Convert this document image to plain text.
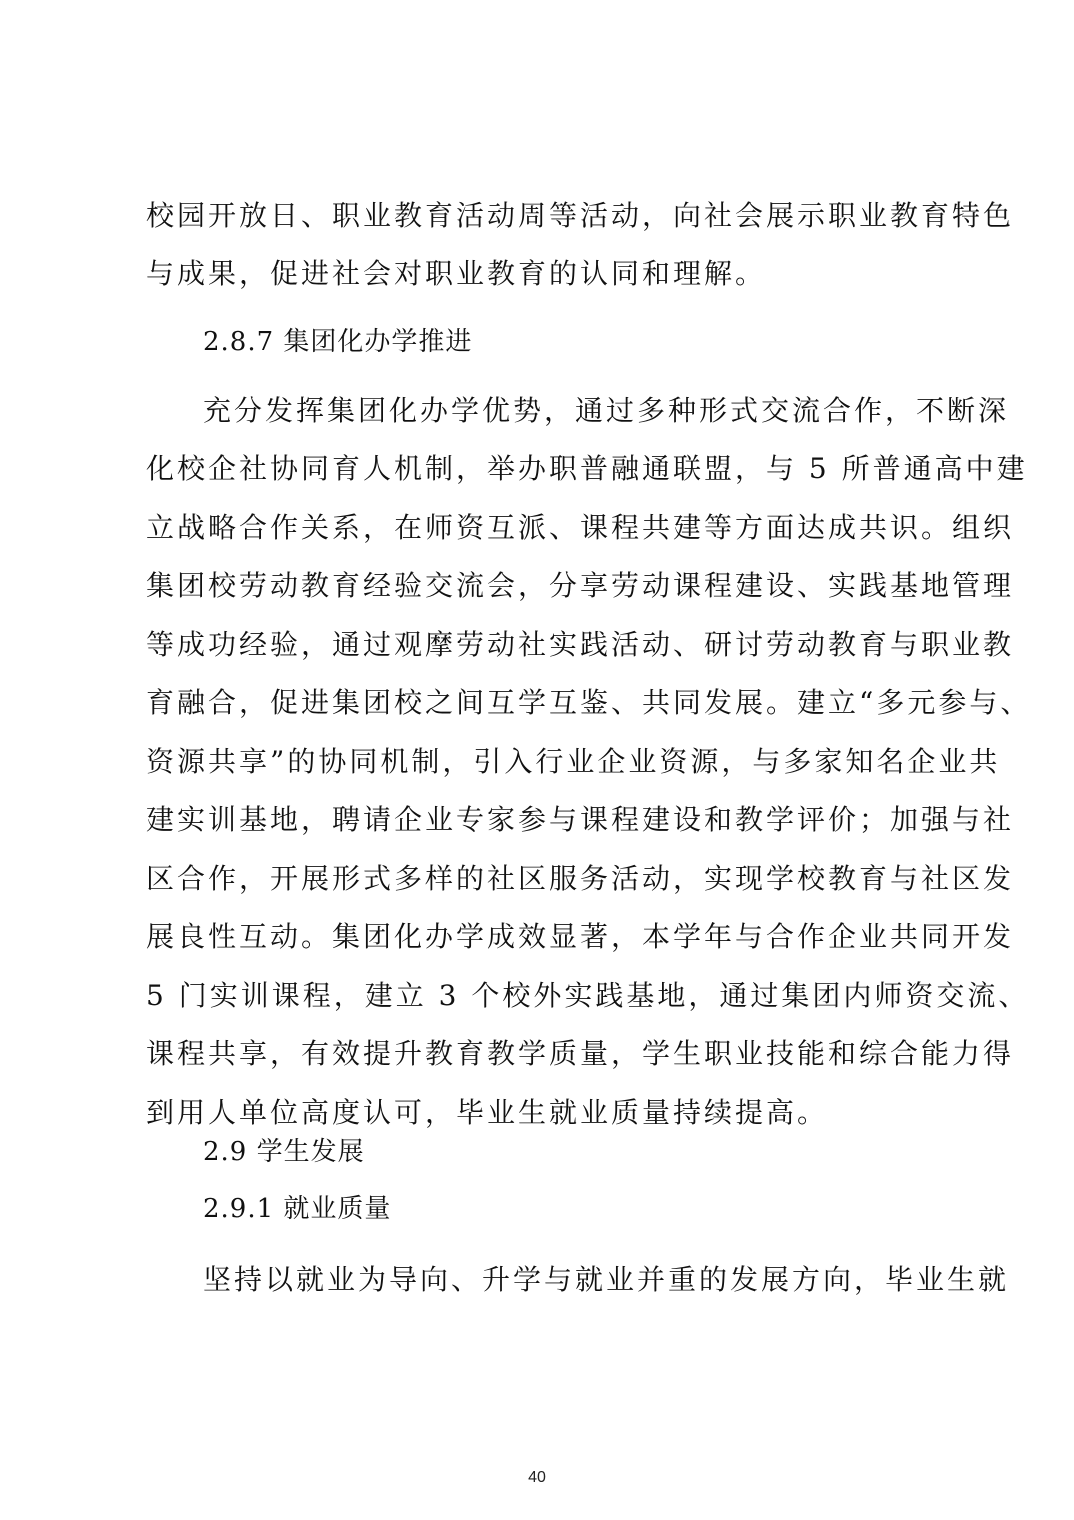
校园开放日、职业教育活动周等活动，向社会展示职业教育特色
与成果，促进社会对职业教育的认同和理解。
2.8.7 集团化办学推进
充分发挥集团化办学优势，通过多种形式交流合作，不断深
化校企社协同育人机制，举办职普融通联盟，与 5 所普通高中建
立战略合作关系，在师资互派、课程共建等方面达成共识。组织
集团校劳动教育经验交流会，分享劳动课程建设、实践基地管理
等成功经验，通过观摩劳动社实践活动、研讨劳动教育与职业教
育融合，促进集团校之间互学互鉴、共同发展。建立“多元参与、
资源共享”的协同机制，引入行业企业资源，与多家知名企业共
建实训基地，聘请企业专家参与课程建设和教学评价；加强与社
区合作，开展形式多样的社区服务活动，实现学校教育与社区发
展良性互动。集团化办学成效显著，本学年与合作企业共同开发
5 门实训课程，建立 3 个校外实践基地，通过集团内师资交流、
课程共享，有效提升教育教学质量，学生职业技能和综合能力得
到用人单位高度认可，毕业生就业质量持续提高。
2.9 学生发展
2.9.1 就业质量
坚持以就业为导向、升学与就业并重的发展方向，毕业生就
40
